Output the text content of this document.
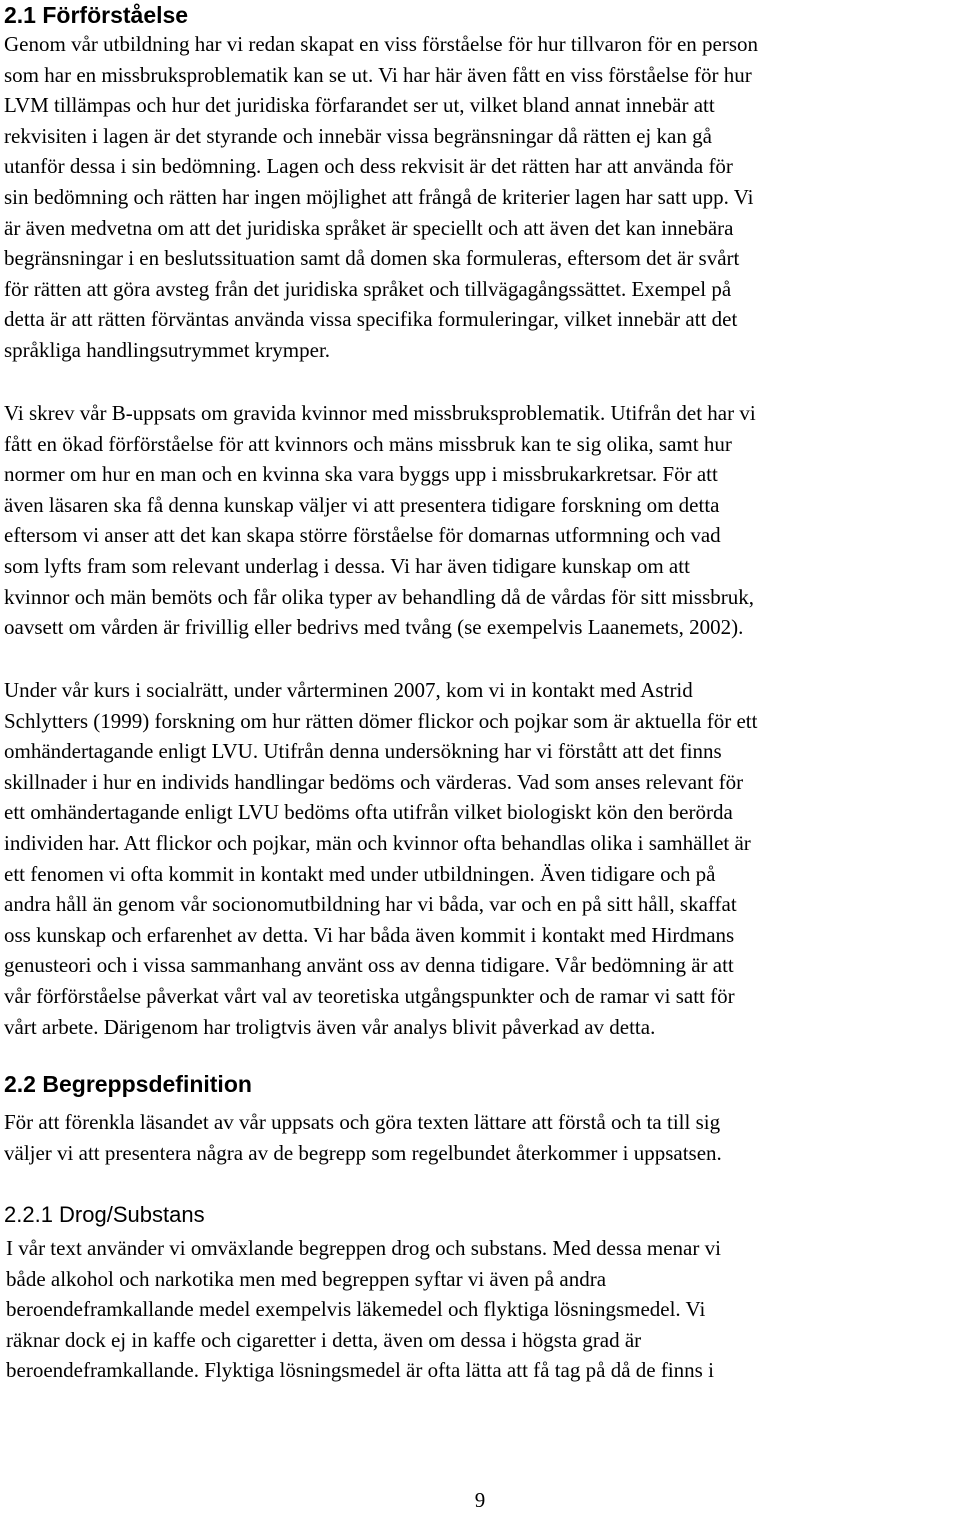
2.1 Förförståelse
Genom vår utbildning har vi redan skapat en viss förståelse för hur tillvaron för en person
som har en missbruksproblematik kan se ut. Vi har här även fått en viss förståelse för hur
LVM tillämpas och hur det juridiska förfarandet ser ut, vilket bland annat innebär att
rekvisiten i lagen är det styrande och innebär vissa begränsningar då rätten ej kan gå
utanför dessa i sin bedömning. Lagen och dess rekvisit är det rätten har att använda för
sin bedömning och rätten har ingen möjlighet att frångå de kriterier lagen har satt upp. Vi
är även medvetna om att det juridiska språket är speciellt och att även det kan innebära
begränsningar i en beslutssituation samt då domen ska formuleras, eftersom det är svårt
för rätten att göra avsteg från det juridiska språket och tillvägagångssättet. Exempel på
detta är att rätten förväntas använda vissa specifika formuleringar, vilket innebär att det
språkliga handlingsutrymmet krymper.
Vi skrev vår B-uppsats om gravida kvinnor med missbruksproblematik. Utifrån det har vi
fått en ökad förförståelse för att kvinnors och mäns missbruk kan te sig olika, samt hur
normer om hur en man och en kvinna ska vara byggs upp i missbrukarkretsar. För att
även läsaren ska få denna kunskap väljer vi att presentera tidigare forskning om detta
eftersom vi anser att det kan skapa större förståelse för domarnas utformning och vad
som lyfts fram som relevant underlag i dessa. Vi har även tidigare kunskap om att
kvinnor och män bemöts och får olika typer av behandling då de vårdas för sitt missbruk,
oavsett om vården är frivillig eller bedrivs med tvång (se exempelvis Laanemets, 2002).
Under vår kurs i socialrätt, under vårterminen 2007, kom vi in kontakt med Astrid
Schlytters (1999) forskning om hur rätten dömer flickor och pojkar som är aktuella för ett
omhändertagande enligt LVU. Utifrån denna undersökning har vi förstått att det finns
skillnader i hur en individs handlingar bedöms och värderas. Vad som anses relevant för
ett omhändertagande enligt LVU bedöms ofta utifrån vilket biologiskt kön den berörda
individen har. Att flickor och pojkar, män och kvinnor ofta behandlas olika i samhället är
ett fenomen vi ofta kommit in kontakt med under utbildningen. Även tidigare och på
andra håll än genom vår socionomutbildning har vi båda, var och en på sitt håll, skaffat
oss kunskap och erfarenhet av detta. Vi har båda även kommit i kontakt med Hirdmans
genusteori och i vissa sammanhang använt oss av denna tidigare. Vår bedömning är att
vår förförståelse påverkat vårt val av teoretiska utgångspunkter och de ramar vi satt för
vårt arbete. Därigenom har troligtvis även vår analys blivit påverkad av detta.
2.2 Begreppsdefinition
För att förenkla läsandet av vår uppsats och göra texten lättare att förstå och ta till sig
väljer vi att presentera några av de begrepp som regelbundet återkommer i uppsatsen.
2.2.1 Drog/Substans
I vår text använder vi omväxlande begreppen drog och substans. Med dessa menar vi
både alkohol och narkotika men med begreppen syftar vi även på andra
beroendeframkallande medel exempelvis läkemedel och flyktiga lösningsmedel. Vi
räknar dock ej in kaffe och cigaretter i detta, även om dessa i högsta grad är
beroendeframkallande. Flyktiga lösningsmedel är ofta lätta att få tag på då de finns i
9
